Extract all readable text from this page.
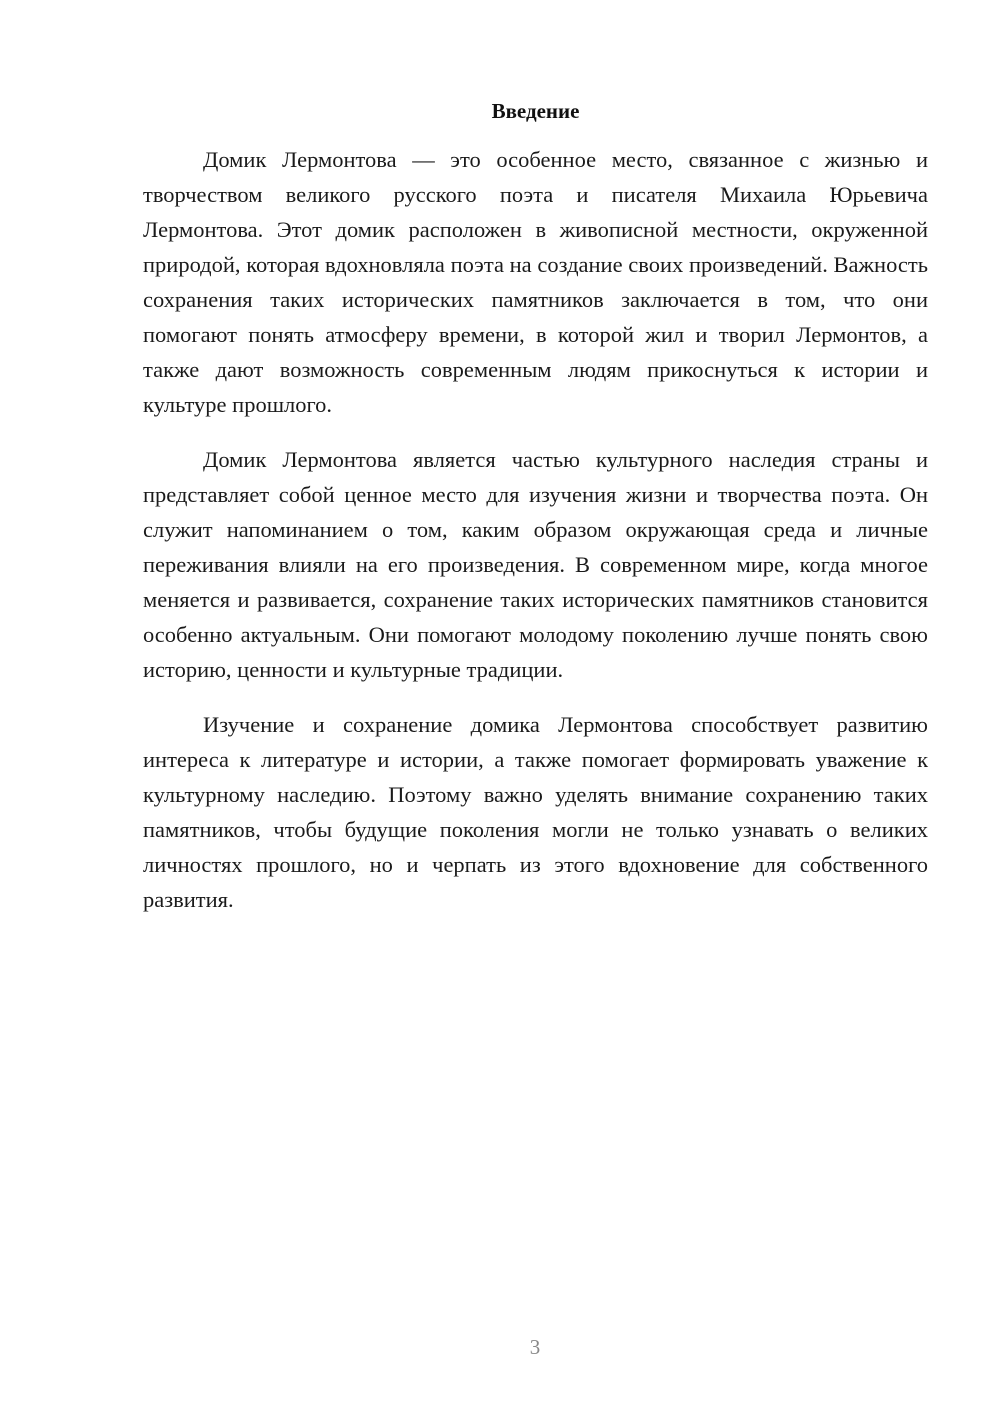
Введение

Домик Лермонтова — это особенное место, связанное с жизнью и творчеством великого русского поэта и писателя Михаила Юрьевича Лермонтова. Этот домик расположен в живописной местности, окруженной природой, которая вдохновляла поэта на создание своих произведений. Важность сохранения таких исторических памятников заключается в том, что они помогают понять атмосферу времени, в которой жил и творил Лермонтов, а также дают возможность современным людям прикоснуться к истории и культуре прошлого.

Домик Лермонтова является частью культурного наследия страны и представляет собой ценное место для изучения жизни и творчества поэта. Он служит напоминанием о том, каким образом окружающая среда и личные переживания влияли на его произведения. В современном мире, когда многое меняется и развивается, сохранение таких исторических памятников становится особенно актуальным. Они помогают молодому поколению лучше понять свою историю, ценности и культурные традиции.

Изучение и сохранение домика Лермонтова способствует развитию интереса к литературе и истории, а также помогает формировать уважение к культурному наследию. Поэтому важно уделять внимание сохранению таких памятников, чтобы будущие поколения могли не только узнавать о великих личностях прошлого, но и черпать из этого вдохновение для собственного развития.

3
